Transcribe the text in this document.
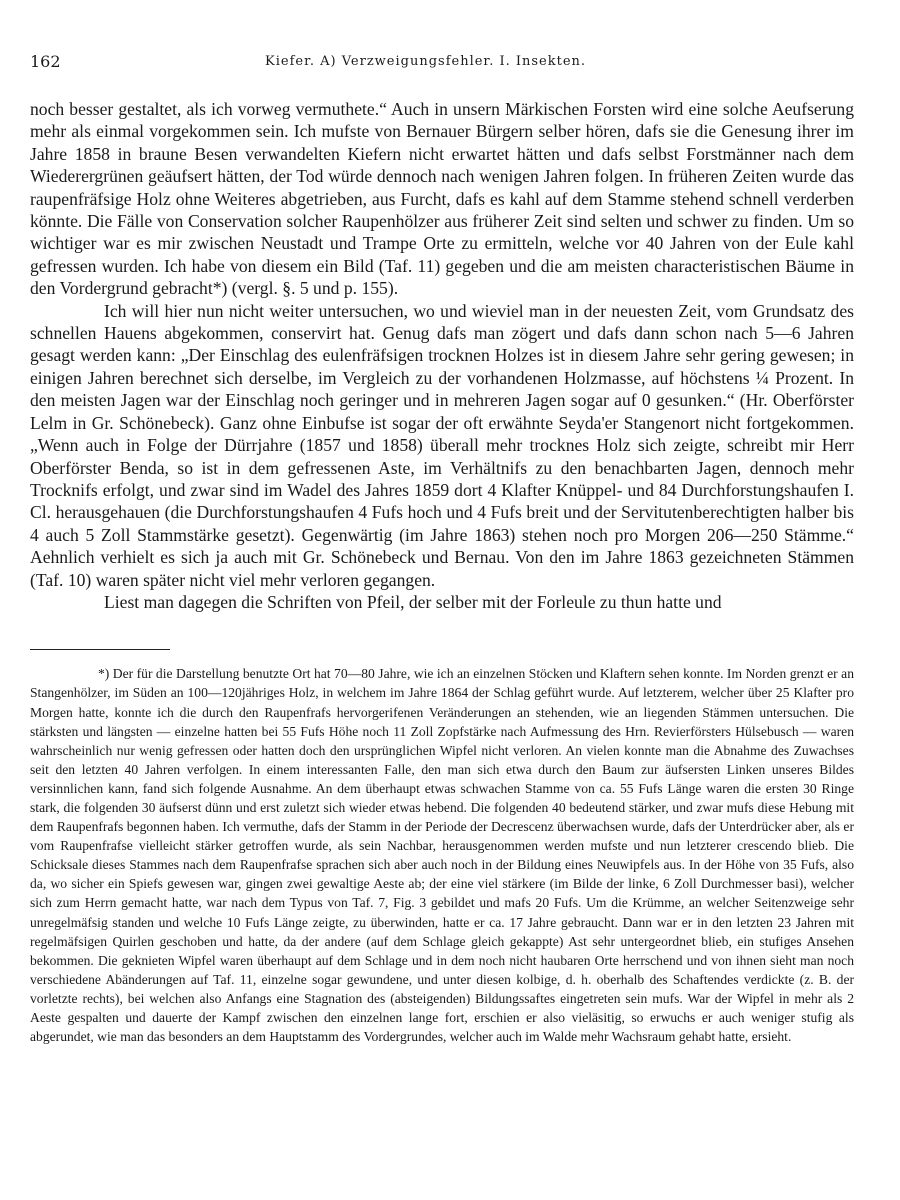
162	Kiefer. A) Verzweigungsfehler. I. Insekten.

noch besser gestaltet, als ich vorweg vermuthete.“ Auch in unsern Märkischen Forsten wird eine solche Aeufserung mehr als einmal vorgekommen sein. Ich mufste von Bernauer Bürgern selber hören, dafs sie die Genesung ihrer im Jahre 1858 in braune Besen verwandelten Kiefern nicht erwartet hätten und dafs selbst Forstmänner nach dem Wiederergrünen geäufsert hätten, der Tod würde dennoch nach wenigen Jahren folgen. In früheren Zeiten wurde das raupenfräfsige Holz ohne Weiteres abgetrieben, aus Furcht, dafs es kahl auf dem Stamme stehend schnell verderben könnte. Die Fälle von Conservation solcher Raupenhölzer aus früherer Zeit sind selten und schwer zu finden. Um so wichtiger war es mir zwischen Neustadt und Trampe Orte zu ermitteln, welche vor 40 Jahren von der Eule kahl gefressen wurden. Ich habe von diesem ein Bild (Taf. 11) gegeben und die am meisten characteristischen Bäume in den Vordergrund gebracht*) (vergl. §. 5 und p. 155).

Ich will hier nun nicht weiter untersuchen, wo und wieviel man in der neuesten Zeit, vom Grundsatz des schnellen Hauens abgekommen, conservirt hat. Genug dafs man zögert und dafs dann schon nach 5—6 Jahren gesagt werden kann: „Der Einschlag des eulenfräfsigen trocknen Holzes ist in diesem Jahre sehr gering gewesen; in einigen Jahren berechnet sich derselbe, im Vergleich zu der vorhandenen Holzmasse, auf höchstens ¼ Prozent. In den meisten Jagen war der Einschlag noch geringer und in mehreren Jagen sogar auf 0 gesunken.“ (Hr. Oberförster Lelm in Gr. Schönebeck). Ganz ohne Einbufse ist sogar der oft erwähnte Seyda'er Stangenort nicht fortgekommen. „Wenn auch in Folge der Dürrjahre (1857 und 1858) überall mehr trocknes Holz sich zeigte, schreibt mir Herr Oberförster Benda, so ist in dem gefressenen Aste, im Verhältnifs zu den benachbarten Jagen, dennoch mehr Trocknifs erfolgt, und zwar sind im Wadel des Jahres 1859 dort 4 Klafter Knüppel- und 84 Durchforstungshaufen I. Cl. herausgehauen (die Durchforstungshaufen 4 Fufs hoch und 4 Fufs breit und der Servitutenberechtigten halber bis 4 auch 5 Zoll Stammstärke gesetzt). Gegenwärtig (im Jahre 1863) stehen noch pro Morgen 206—250 Stämme.“ Aehnlich verhielt es sich ja auch mit Gr. Schönebeck und Bernau. Von den im Jahre 1863 gezeichneten Stämmen (Taf. 10) waren später nicht viel mehr verloren gegangen.

Liest man dagegen die Schriften von Pfeil, der selber mit der Forleule zu thun hatte und

*) Der für die Darstellung benutzte Ort hat 70—80 Jahre, wie ich an einzelnen Stöcken und Klaftern sehen konnte. Im Norden grenzt er an Stangenhölzer, im Süden an 100—120jähriges Holz, in welchem im Jahre 1864 der Schlag geführt wurde. Auf letzterem, welcher über 25 Klafter pro Morgen hatte, konnte ich die durch den Raupenfrafs hervorgerifenen Veränderungen an stehenden, wie an liegenden Stämmen untersuchen. Die stärksten und längsten — einzelne hatten bei 55 Fufs Höhe noch 11 Zoll Zopfstärke nach Aufmessung des Hrn. Revierförsters Hülsebusch — waren wahrscheinlich nur wenig gefressen oder hatten doch den ursprünglichen Wipfel nicht verloren. An vielen konnte man die Abnahme des Zuwachses seit den letzten 40 Jahren verfolgen. In einem interessanten Falle, den man sich etwa durch den Baum zur äufsersten Linken unseres Bildes versinnlichen kann, fand sich folgende Ausnahme. An dem überhaupt etwas schwachen Stamme von ca. 55 Fufs Länge waren die ersten 30 Ringe stark, die folgenden 30 äufserst dünn und erst zuletzt sich wieder etwas hebend. Die folgenden 40 bedeutend stärker, und zwar mufs diese Hebung mit dem Raupenfrafs begonnen haben. Ich vermuthe, dafs der Stamm in der Periode der Decrescenz überwachsen wurde, dafs der Unterdrücker aber, als er vom Raupenfrafse vielleicht stärker getroffen wurde, als sein Nachbar, herausgenommen werden mufste und nun letzterer crescendo blieb. Die Schicksale dieses Stammes nach dem Raupenfrafse sprachen sich aber auch noch in der Bildung eines Neuwipfels aus. In der Höhe von 35 Fufs, also da, wo sicher ein Spiefs gewesen war, gingen zwei gewaltige Aeste ab; der eine viel stärkere (im Bilde der linke, 6 Zoll Durchmesser basi), welcher sich zum Herrn gemacht hatte, war nach dem Typus von Taf. 7, Fig. 3 gebildet und mafs 20 Fufs. Um die Krümme, an welcher Seitenzweige sehr unregelmäfsig standen und welche 10 Fufs Länge zeigte, zu überwinden, hatte er ca. 17 Jahre gebraucht. Dann war er in den letzten 23 Jahren mit regelmäfsigen Quirlen geschoben und hatte, da der andere (auf dem Schlage gleich gekappte) Ast sehr untergeordnet blieb, ein stufiges Ansehen bekommen. Die geknieten Wipfel waren überhaupt auf dem Schlage und in dem noch nicht haubaren Orte herrschend und von ihnen sieht man noch verschiedene Abänderungen auf Taf. 11, einzelne sogar gewundene, und unter diesen kolbige, d. h. oberhalb des Schaftendes verdickte (z. B. der vorletzte rechts), bei welchen also Anfangs eine Stagnation des (absteigenden) Bildungssaftes eingetreten sein mufs. War der Wipfel in mehr als 2 Aeste gespalten und dauerte der Kampf zwischen den einzelnen lange fort, erschien er also vieläsitig, so erwuchs er auch weniger stufig als abgerundet, wie man das besonders an dem Hauptstamm des Vordergrundes, welcher auch im Walde mehr Wachsraum gehabt hatte, ersieht.
